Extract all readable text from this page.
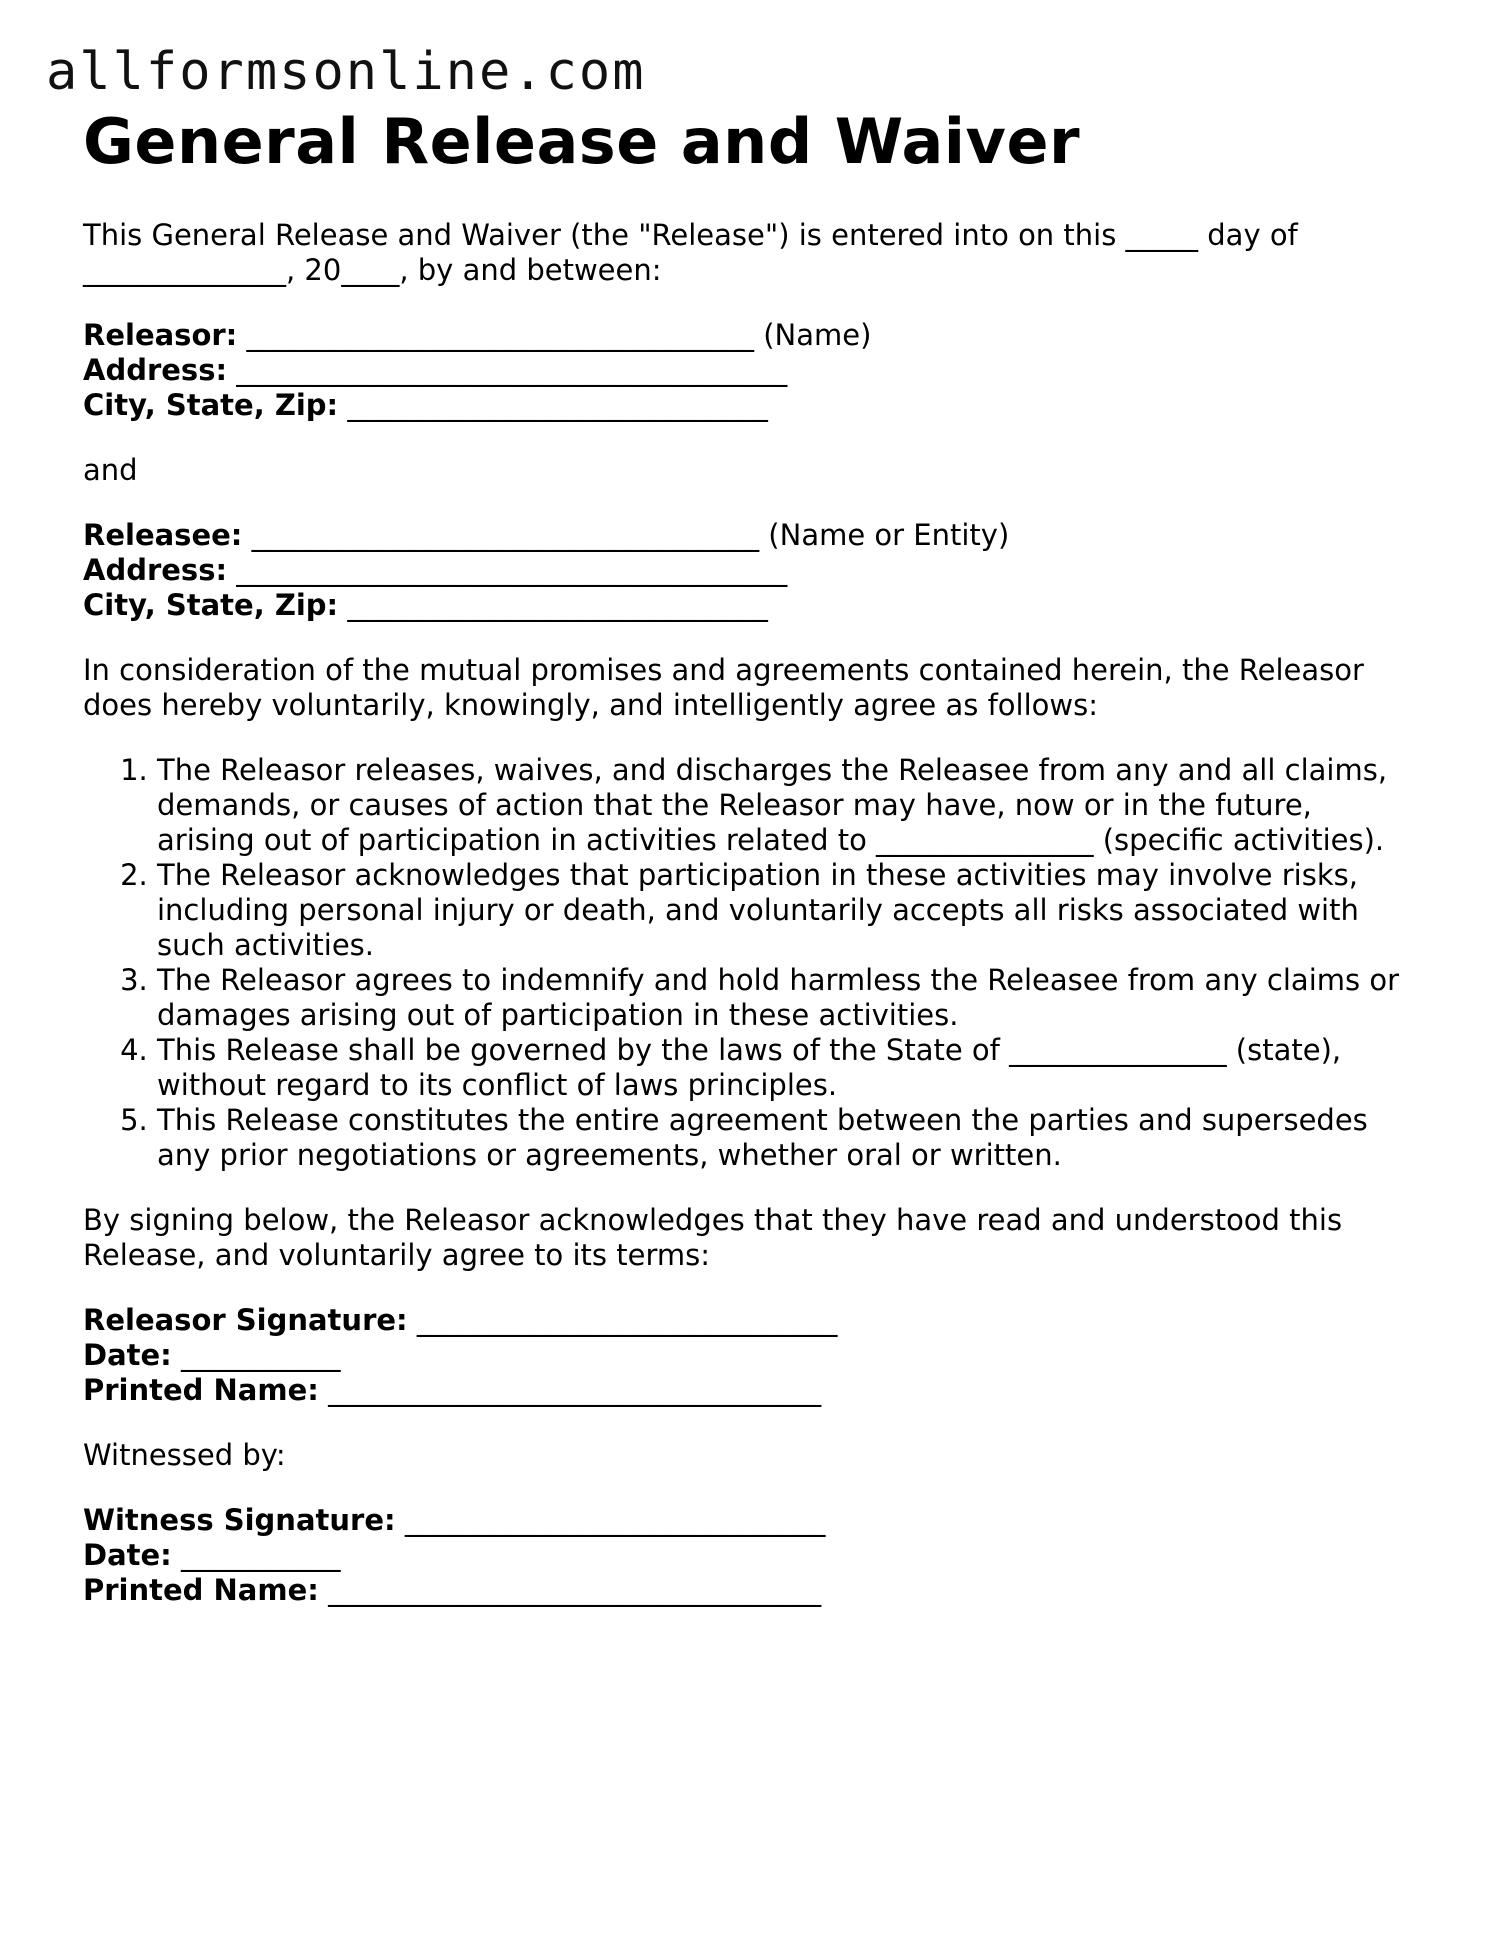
allformsonline.com
General Release and Waiver

This General Release and Waiver (the "Release") is entered into on this _____ day of
______________, 20____, by and between:

Releasor: ___________________________________ (Name)
Address: ______________________________________
City, State, Zip: _____________________________

and

Releasee: ___________________________________ (Name or Entity)
Address: ______________________________________
City, State, Zip: _____________________________

In consideration of the mutual promises and agreements contained herein, the Releasor
does hereby voluntarily, knowingly, and intelligently agree as follows:

1. The Releasor releases, waives, and discharges the Releasee from any and all claims,
demands, or causes of action that the Releasor may have, now or in the future,
arising out of participation in activities related to _______________ (specific activities).
2. The Releasor acknowledges that participation in these activities may involve risks,
including personal injury or death, and voluntarily accepts all risks associated with
such activities.
3. The Releasor agrees to indemnify and hold harmless the Releasee from any claims or
damages arising out of participation in these activities.
4. This Release shall be governed by the laws of the State of _______________ (state),
without regard to its conflict of laws principles.
5. This Release constitutes the entire agreement between the parties and supersedes
any prior negotiations or agreements, whether oral or written.

By signing below, the Releasor acknowledges that they have read and understood this
Release, and voluntarily agree to its terms:

Releasor Signature: _____________________________
Date: ___________
Printed Name: __________________________________

Witnessed by:

Witness Signature: _____________________________
Date: ___________
Printed Name: __________________________________
